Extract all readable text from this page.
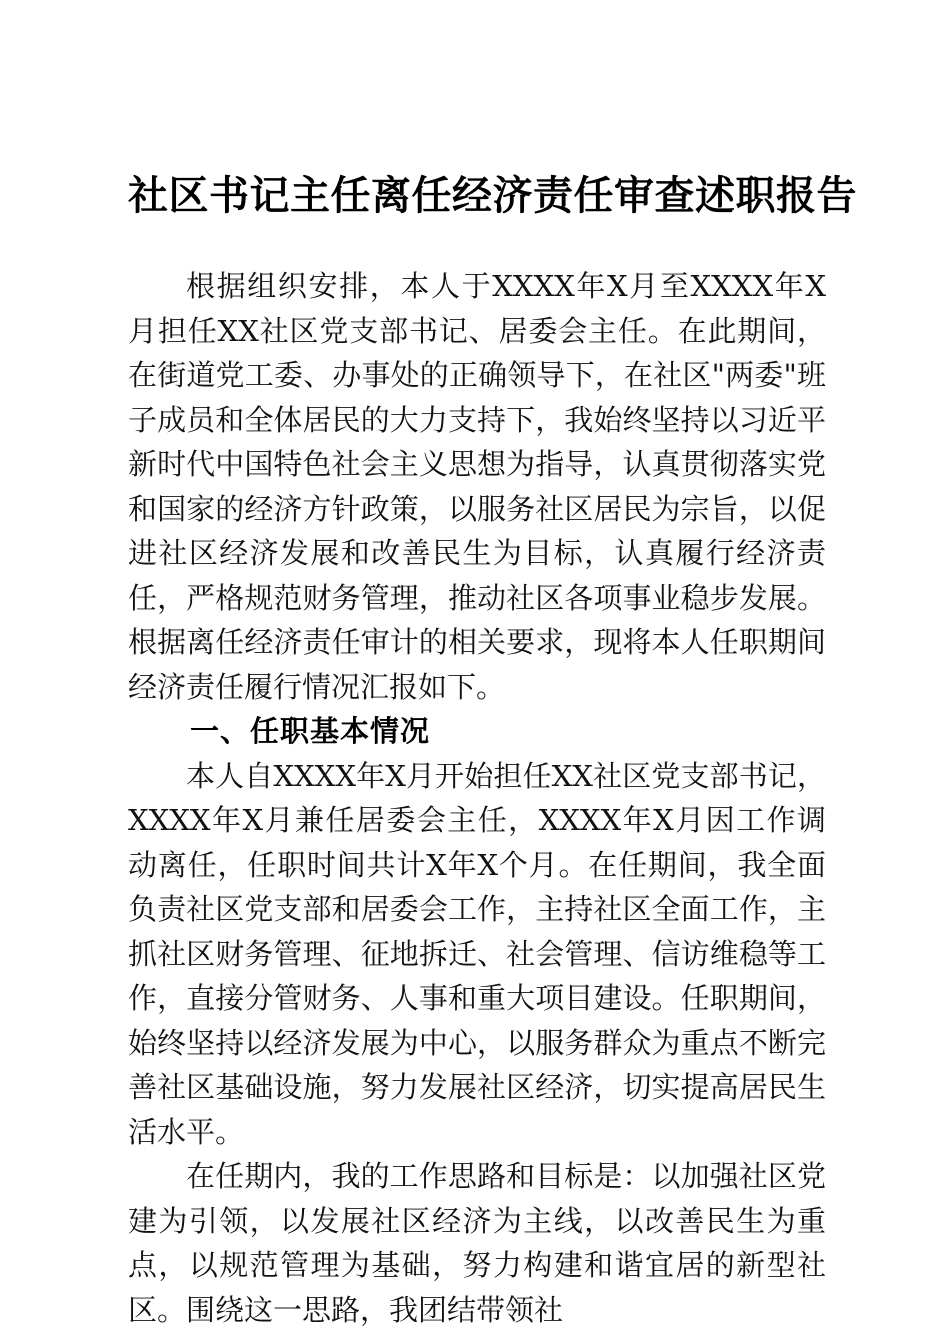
社区书记主任离任经济责任审查述职报告

根据组织安排，本人于XXXX年X月至XXXX年X月担任XX社区党支部书记、居委会主任。在此期间，在街道党工委、办事处的正确领导下，在社区"两委"班子成员和全体居民的大力支持下，我始终坚持以习近平新时代中国特色社会主义思想为指导，认真贯彻落实党和国家的经济方针政策，以服务社区居民为宗旨，以促进社区经济发展和改善民生为目标，认真履行经济责任，严格规范财务管理，推动社区各项事业稳步发展。根据离任经济责任审计的相关要求，现将本人任职期间经济责任履行情况汇报如下。

一、任职基本情况

本人自XXXX年X月开始担任XX社区党支部书记，XXXX年X月兼任居委会主任，XXXX年X月因工作调动离任，任职时间共计X年X个月。在任期间，我全面负责社区党支部和居委会工作，主持社区全面工作，主抓社区财务管理、征地拆迁、社会管理、信访维稳等工作，直接分管财务、人事和重大项目建设。任职期间，始终坚持以经济发展为中心，以服务群众为重点不断完善社区基础设施，努力发展社区经济，切实提高居民生活水平。

在任期内，我的工作思路和目标是：以加强社区党建为引领，以发展社区经济为主线，以改善民生为重点，以规范管理为基础，努力构建和谐宜居的新型社区。围绕这一思路，我团结带领社
